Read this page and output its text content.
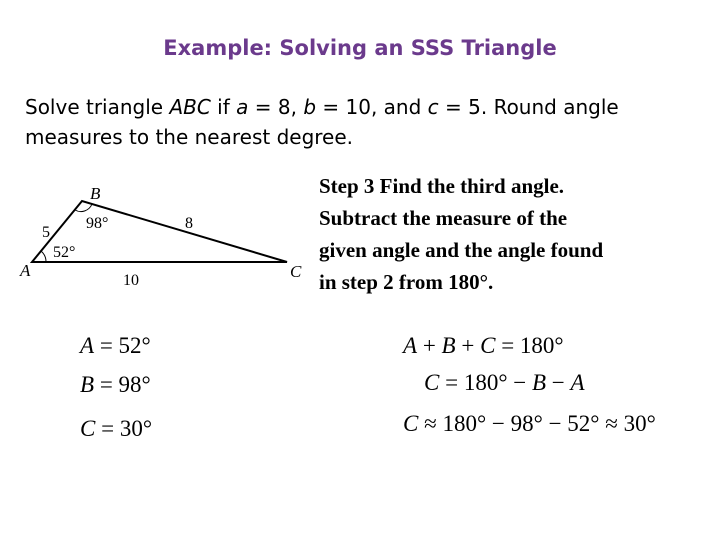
Example: Solving an SSS Triangle
Solve triangle ABC if a = 8, b = 10, and c = 5. Round angle measures to the nearest degree.
A
B
C
5
8
10
98°
52°
Step 3 Find the third angle.
Subtract the measure of the
given angle and the angle found
in step 2 from 180°.
A = 52°
B = 98°
C = 30°
A + B + C = 180°
C = 180° − B − A
C ≈ 180° − 98° − 52° ≈ 30°
